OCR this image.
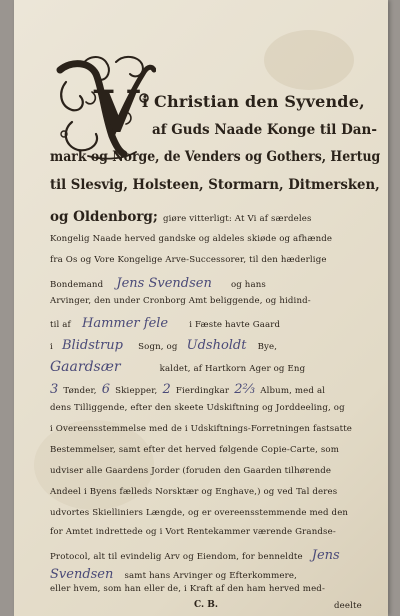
V i Christian den Syvende,
af Guds Naade Konge til Dan-
mark og Norge, de Venders og Gothers, Hertug
til Slesvig, Holsteen, Stormarn, Ditmersken,
og Oldenborg; giøre vitterligt: At Vi af særdeles
Kongelig Naade herved gandske og aldeles skiøde og afhænde
fra Os og Vore Kongelige Arve-Successorer, til den hæderlige
Bondemand Jens Svendsen og hans
Arvinger, den under Cronborg Amt beliggende, og hidind-
til af Hammer fele i Fæste havte Gaard
i Blidstrup Sogn, og Udsholdt Bye,
Gaardsær	kaldet, af Hartkorn Ager og Eng
3 Tønder, 6 Skiepper, 2 Fierdingkar 2⅔ Album, med al
dens Tilliggende, efter den skeete Udskiftning og Jorddeeling, og
i Overeensstemmelse med de i Udskiftnings-Forretningen fastsatte
Bestemmelser, samt efter det herved følgende Copie-Carte, som
udviser alle Gaardens Jorder (foruden den Gaarden tilhørende
Andeel i Byens fælleds Norsktær og Enghave,) og ved Tal deres
udvortes Skielliniers Længde, og er overeensstemmende med den
for Amtet indrettede og i Vort Rentekammer værende Grandse-
Protocol, alt til evindelig Arv og Eiendom, for benneldte Jens
Svendsen samt hans Arvinger og Efterkommere,
eller hvem, som han eller de, i Kraft af den ham herved med-
C. B.	deelte
